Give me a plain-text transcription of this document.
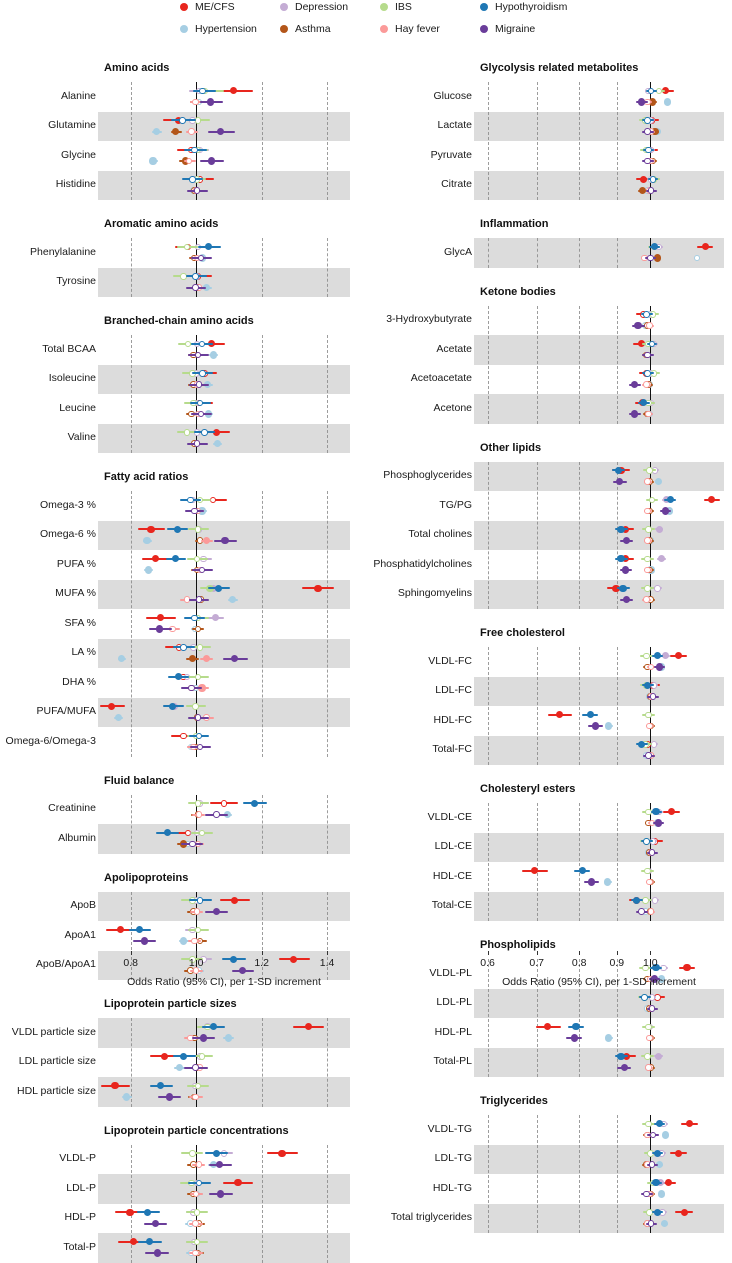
ME/CFS	Depression	IBS	Hypothyroidism
Hypertension	Asthma	Hay fever	Migraine
Amino acids
Alanine
Glutamine
Glycine
Histidine
Aromatic amino acids
Phenylalanine
Tyrosine
Branched-chain amino acids
Total BCAA
Isoleucine
Leucine
Valine
Fatty acid ratios
Omega-3 %
Omega-6 %
PUFA %
MUFA %
SFA %
LA %
DHA %
PUFA/MUFA
Omega-6/Omega-3
Fluid balance
Creatinine
Albumin
Apolipoproteins
ApoB
ApoA1
ApoB/ApoA1
Lipoprotein particle sizes
VLDL particle size
LDL particle size
HDL particle size
Lipoprotein particle concentrations
VLDL-P
LDL-P
HDL-P
Total-P
0.8	1.0	1.2	1.4
Odds Ratio (95% CI), per 1-SD increment
Glycolysis related metabolites
Glucose
Lactate
Pyruvate
Citrate
Inflammation
GlycA
Ketone bodies
3-Hydroxybutyrate
Acetate
Acetoacetate
Acetone
Other lipids
Phosphoglycerides
TG/PG
Total cholines
Phosphatidylcholines
Sphingomyelins
Free cholesterol
VLDL-FC
LDL-FC
HDL-FC
Total-FC
Cholesteryl esters
VLDL-CE
LDL-CE
HDL-CE
Total-CE
Phospholipids
VLDL-PL
LDL-PL
HDL-PL
Total-PL
Triglycerides
VLDL-TG
LDL-TG
HDL-TG
Total triglycerides
0.6	0.7	0.8	0.9	1.0
Odds Ratio (95% CI), per 1-SD increment
